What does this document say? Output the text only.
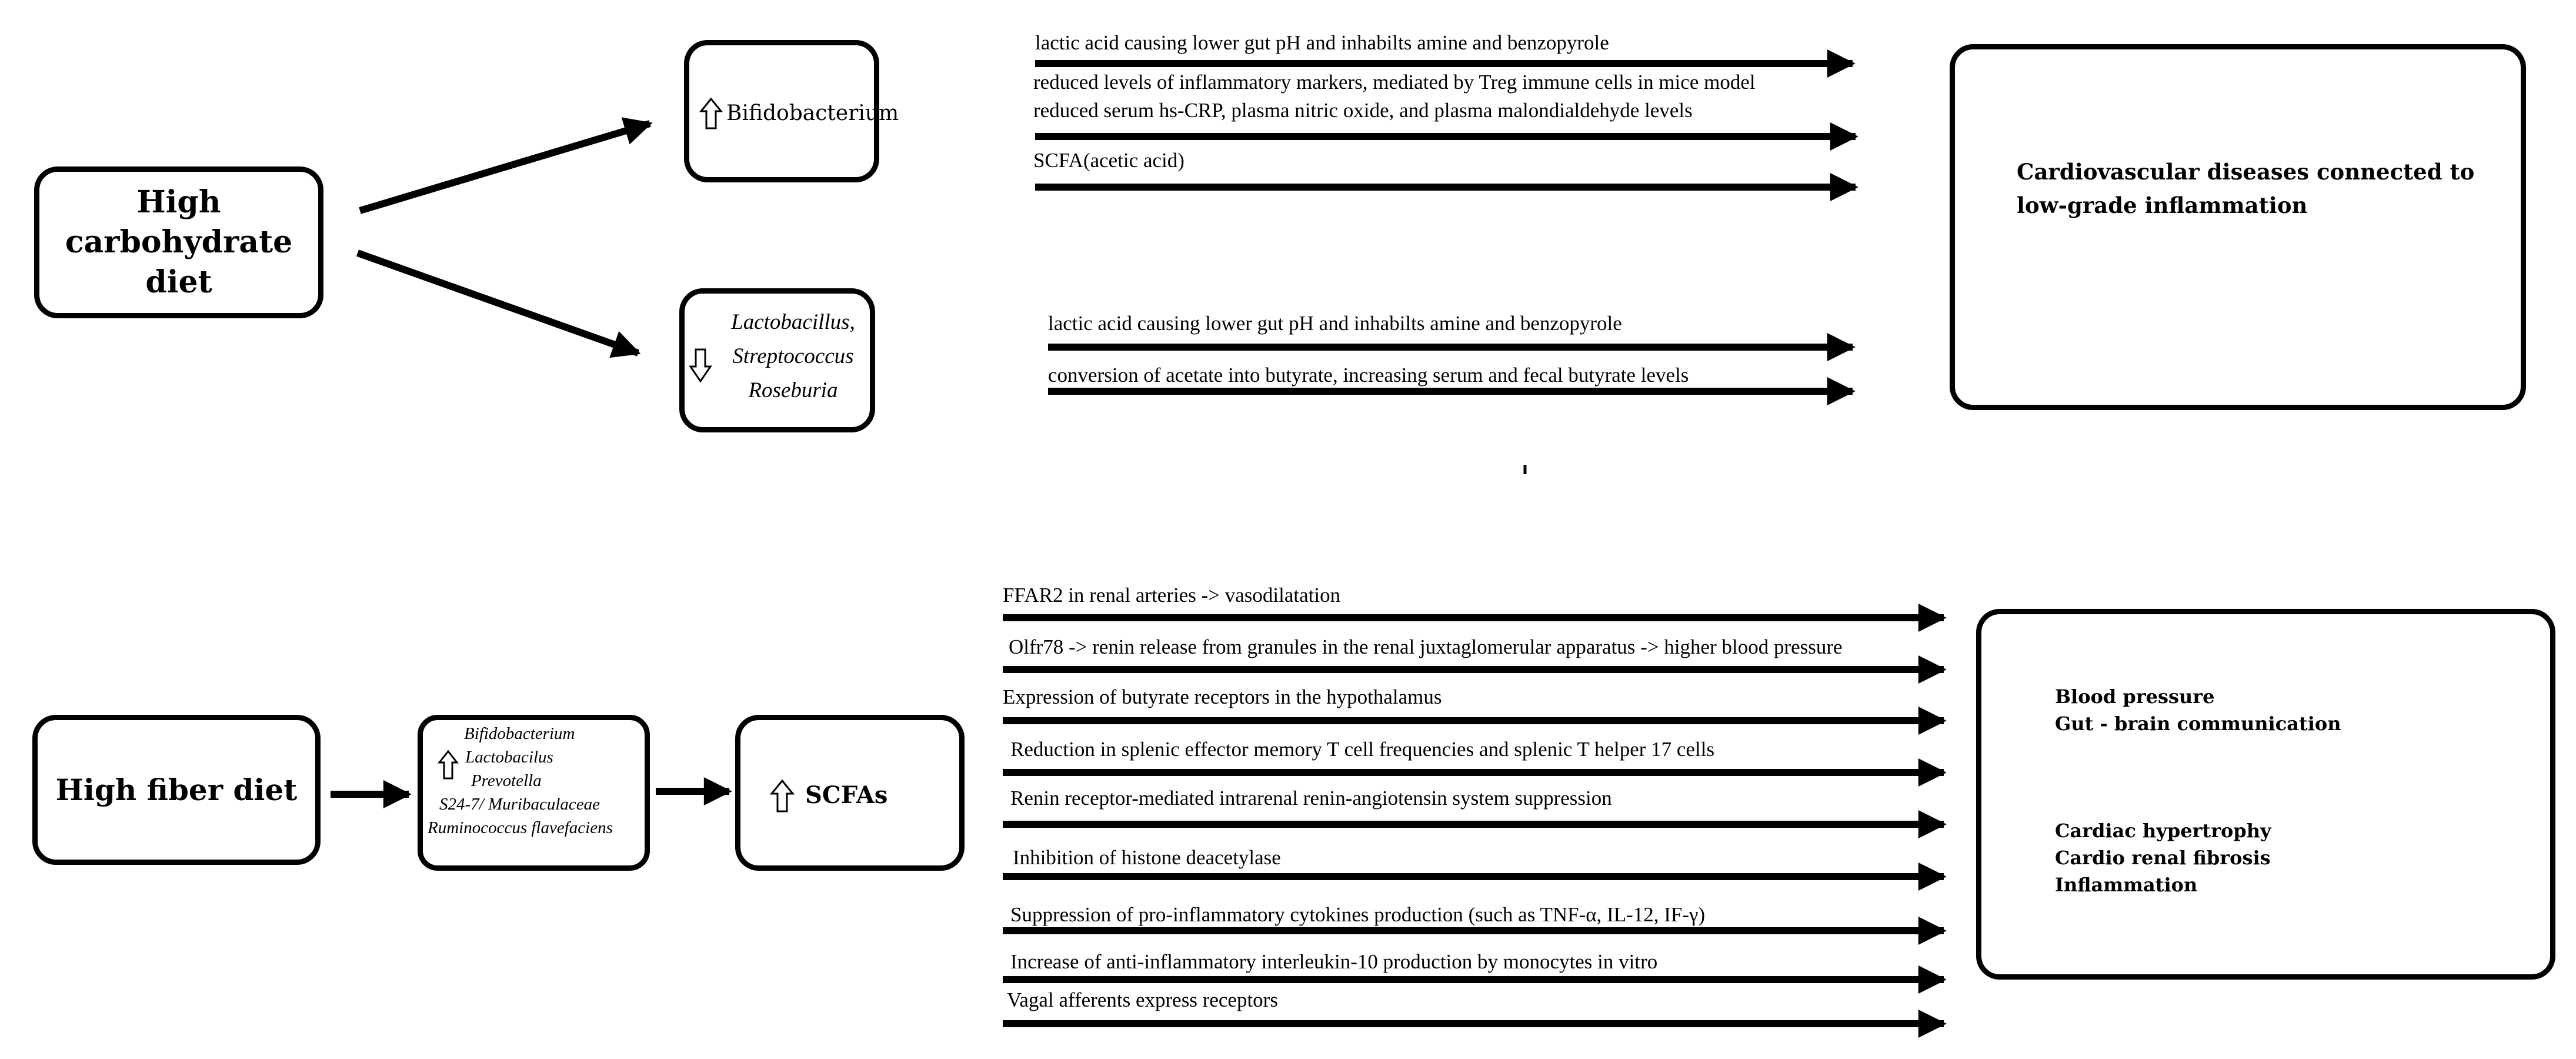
High
carbohydrate diet
Bifidobacterium
Lactobacillus,
Streptococcus
Roseburia
lactic acid causing lower gut pH and inhabilts amine and benzopyrole
reduced levels of inflammatory markers, mediated by Treg immune cells in mice model
reduced serum hs-CRP, plasma nitric oxide, and plasma malondialdehyde levels
SCFA(acetic acid)
lactic acid causing lower gut pH and inhabilts amine and benzopyrole
conversion of acetate into butyrate, increasing serum and fecal butyrate levels
Cardiovascular diseases connected to
low-grade inflammation
High fiber diet
Bifidobacterium
Lactobacilus
Prevotella
S24-7/ Muribaculaceae
Ruminococcus flavefaciens
SCFAs
FFAR2 in renal arteries -> vasodilatation
Olfr78 -> renin release from granules in the renal juxtaglomerular apparatus -> higher blood pressure
Expression of butyrate receptors in the hypothalamus
Reduction in splenic effector memory T cell frequencies and splenic T helper 17 cells
Renin receptor-mediated intrarenal renin-angiotensin system suppression
Inhibition of histone deacetylase
Suppression of pro-inflammatory cytokines production (such as TNF-α, IL-12, IF-γ)
Increase of anti-inflammatory interleukin-10 production by monocytes in vitro
Vagal afferents express receptors
Blood pressure
Gut - brain communication
Cardiac hypertrophy
Cardio renal fibrosis
Inflammation
